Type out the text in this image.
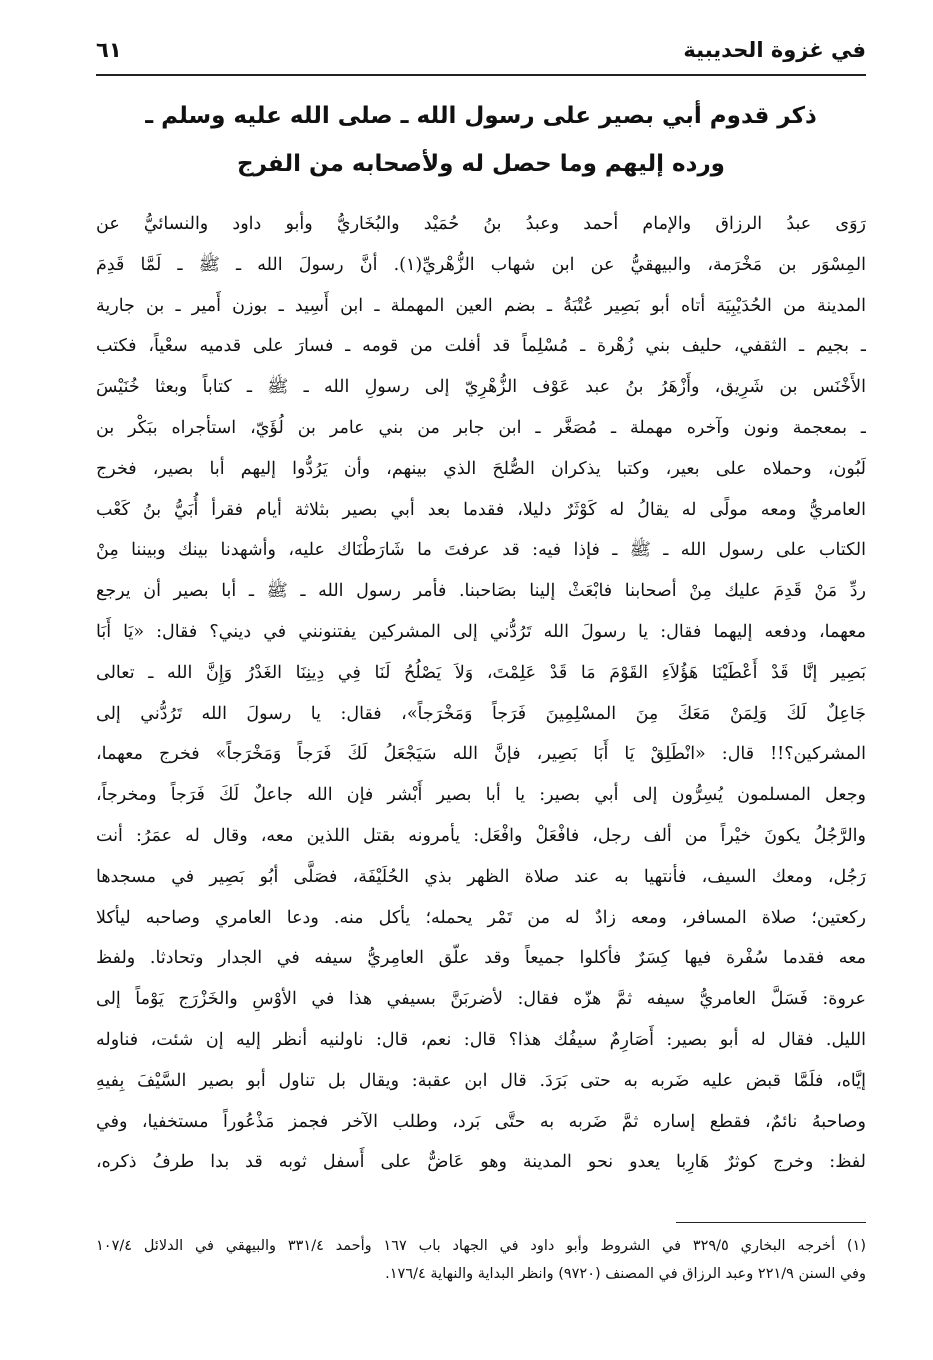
في غزوة الحديبية
٦١
ذكر قدوم أبي بصير على رسول الله ـ صلى الله عليه وسلم ـ
ورده إليهم وما حصل له ولأصحابه من الفرج
رَوَى عبدُ الرزاق والإمام أحمد وعبدُ بنُ حُمَيْد والبُخَاريُّ وأبو داود والنسائيُّ عن
المِسْوَر بن مَخْرَمة، والبيهقيُّ عن ابن شهاب الزُّهْريِّ(١). أنَّ رسولَ الله ـ ﷺ ـ لَمَّا قَدِمَ
المدينة من الحُدَيْبِيَة أتاه أبو بَصِير عُتْبَةُ ـ بضم العين المهملة ـ ابن أَسِيد ـ بوزن أَمير ـ بن جارية
ـ بجيم ـ الثقفي، حليف بني زُهْرة ـ مُسْلِماً قد أفلت من قومه ـ فسارَ على قدميه سعْياً، فكتب
الأَخْنَس بن شَرِيق، وأَزْهَرُ بنُ عبد عَوْف الزُّهْرِيّ إلى رسولِ الله ـ ﷺ ـ كتاباً وبعثا خُنَيْسَ
ـ بمعجمة ونون وآخره مهملة ـ مُصَغَّر ـ ابن جابر من بني عامر بن لُؤَيّ، استأجراه ببَكْر بن
لَبُون، وحملاه على بعير، وكتبا يذكران الصُّلحَ الذي بينهم، وأن يَرُدُّوا إليهم أبا بصير، فخرج
العامريُّ ومعه مولًى له يقالُ له كَوْثَرٌ دليلا، فقدما بعد أبي بصير بثلاثة أيام فقرأ أُبَيُّ بنُ كَعْب
الكتاب على رسول الله ـ ﷺ ـ فإذا فيه: قد عرفتَ ما شَارَطْنَاك عليه، وأشهدنا بينك وبيننا مِنْ
ردِّ مَنْ قَدِمَ عليك مِنْ أصحابنا فابْعَثْ إلينا بصَاحبنا. فأمر رسول الله ـ ﷺ ـ أبا بصير أن يرجع
معهما، ودفعه إليهما فقال: يا رسولَ الله تَرُدُّني إلى المشركين يفتنونني في ديني؟ فقال: «يَا أَبَا
بَصِير إنَّا قَدْ أَعْطَيْنَا هَؤُلاَءِ القَوْمَ مَا قَدْ عَلِمْتَ، وَلاَ يَصْلُحُ لَنَا فِي دِينِنَا الغَدْرُ وَإِنَّ الله ـ تعالى
جَاعِلٌ لَكَ وَلِمَنْ مَعَكَ مِنَ المسْلِمِينَ فَرَجاً وَمَخْرَجاً»، فقال: يا رسولَ الله تَرُدُّني إلى
المشركين؟!! قال: «انْطَلِقْ يَا أَبَا بَصِير، فإنَّ الله سَيَجْعَلُ لَكَ فَرَجاً وَمَخْرَجاً» فخرج معهما،
وجعل المسلمون يُسِرُّون إلى أبي بصير: يا أبا بصير أَبْشر فإن الله جاعلٌ لَكَ فَرَجاً ومخرجاً،
والرَّجُلُ يكونَ خيْراً من ألف رجل، فافْعَلْ وافْعَل: يأمرونه بقتل اللذين معه، وقال له عمَرُ: أنت
رَجُل، ومعك السيف، فأنتهيا به عند صلاة الظهر بذي الحُلَيْفَة، فصَلَّى أبُو بَصِير في مسجدها
ركعتين؛ صلاة المسافر، ومعه زادٌ له من تَمْر يحمله؛ يأكل منه. ودعا العامري وصاحبه ليأكلا
معه فقدما سُفْرة فيها كِسَرٌ فأكلوا جميعاً وقد علّق العامِريُّ سيفه في الجدار وتحادثا. ولفظ
عروة: فَسَلَّ العامريُّ سيفه ثمَّ هزّه فقال: لأضربَنَّ بسيفي هذا في الأوْسِ والخَزْرَج يَوْماً إلى
الليل. فقال له أبو بصير: أَصَارِمٌ سيفُك هذا؟ قال: نعم، قال: ناولنيه أنظر إليه إن شئت، فناوله
إيَّاه، فلَمَّا قبض عليه ضَربه به حتى بَرَدَ. قال ابن عقبة: ويقال بل تناول أبو بصير السَّيْفَ بِفيهِ
وصاحبهُ نائمٌ، فقطع إساره ثمَّ ضَربه به حتَّى بَرد، وطلب الآخر فجمز مَذْعُوراً مستخفيا، وفي
لفظ: وخرج كوثرٌ هَارِبا يعدو نحو المدينة وهو عَاضٌّ على أَسفل ثوبه قد بدا طرفُ ذكره،
(١) أخرجه البخاري ٣٢٩/٥ في الشروط وأبو داود في الجهاد باب ١٦٧ وأحمد ٣٣١/٤ والبيهقي في الدلائل ١٠٧/٤
وفي السنن ٢٢١/٩ وعبد الرزاق في المصنف (٩٧٢٠) وانظر البداية والنهاية ١٧٦/٤.
